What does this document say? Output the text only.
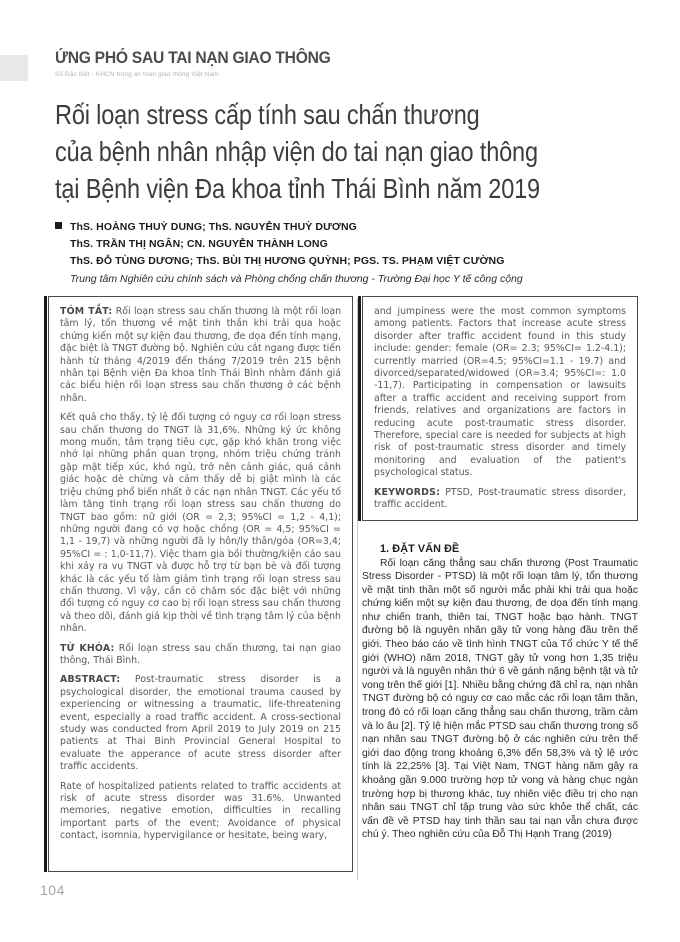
ỨNG PHÓ SAU TAI NẠN GIAO THÔNG
Số Đặc biệt - KHCN trong an toàn giao thông Việt Nam
Rối loạn stress cấp tính sau chấn thương
của bệnh nhân nhập viện do tai nạn giao thông
tại Bệnh viện Đa khoa tỉnh Thái Bình năm 2019
ThS. HOÀNG THUỲ DUNG; ThS. NGUYỄN THUỲ DƯƠNG
ThS. TRẦN THỊ NGÂN; CN. NGUYỄN THÀNH LONG
ThS. ĐỖ TÙNG DƯƠNG; ThS. BÙI THỊ HƯƠNG QUỲNH; PGS. TS. PHẠM VIỆT CƯỜNG
Trung tâm Nghiên cứu chính sách và Phòng chống chấn thương - Trường Đại học Y tế công cộng

TÓM TẮT: Rối loạn stress sau chấn thương là một rối loạn tâm lý, tổn thương về mặt tinh thần khi trải qua hoặc chứng kiến một sự kiện đau thương, đe dọa đến tính mạng, đặc biệt là TNGT đường bộ. Nghiên cứu cắt ngang được tiến hành từ tháng 4/2019 đến tháng 7/2019 trên 215 bệnh nhân tại Bệnh viện Đa khoa tỉnh Thái Bình nhằm đánh giá các biểu hiện rối loạn stress sau chấn thương ở các bệnh nhân.

Kết quả cho thấy, tỷ lệ đối tượng có nguy cơ rối loạn stress sau chấn thương do TNGT là 31,6%. Những ký ức không mong muốn, tâm trạng tiêu cực, gặp khó khăn trong việc nhớ lại những phần quan trọng, nhóm triệu chứng tránh gặp mặt tiếp xúc, khó ngủ, trở nên cảnh giác, quá cảnh giác hoặc dè chừng và cảm thấy dễ bị giật mình là các triệu chứng phổ biến nhất ở các nạn nhân TNGT. Các yếu tố làm tăng tình trạng rối loạn stress sau chấn thương do TNGT bao gồm: nữ giới (OR = 2,3; 95%CI = 1,2 - 4,1); những người đang có vợ hoặc chồng (OR = 4,5; 95%CI = 1,1 - 19,7) và những người đã ly hôn/ly thân/góa (OR=3,4; 95%CI = : 1,0-11,7). Việc tham gia bồi thường/kiện cáo sau khi xảy ra vụ TNGT và được hỗ trợ từ bạn bè và đối tượng khác là các yếu tố làm giảm tình trạng rối loạn stress sau chấn thương. Vì vậy, cần có chăm sóc đặc biệt với những đối tượng có nguy cơ cao bị rối loạn stress sau chấn thương và theo dõi, đánh giá kịp thời về tình trạng tâm lý của bệnh nhân.

TỪ KHÓA: Rối loạn stress sau chấn thương, tai nạn giao thông, Thái Bình.

ABSTRACT: Post-traumatic stress disorder is a psychological disorder, the emotional trauma caused by experiencing or witnessing a traumatic, life-threatening event, especially a road traffic accident. A cross-sectional study was conducted from April 2019 to July 2019 on 215 patients at Thai Binh Provincial General Hospital to evaluate the apperance of acute stress disorder after traffic accidents.

Rate of hospitalized patients related to traffic accidents at risk of acute stress disorder was 31.6%. Unwanted memories, negative emotion, difficulties in recalling important parts of the event; Avoidance of physical contact, isomnia, hypervigilance or hesitate, being wary,

and jumpiness were the most common symptoms among patients. Factors that increase acute stress disorder after traffic accident found in this study include: gender: female (OR= 2.3; 95%CI= 1.2-4.1); currently married (OR=4.5; 95%CI=1.1 - 19.7) and divorced/separated/widowed (OR=3.4; 95%CI=: 1.0 -11,7). Participating in compensation or lawsuits after a traffic accident and receiving support from friends, relatives and organizations are factors in reducing acute post-traumatic stress disorder. Therefore, special care is needed for subjects at high risk of post-traumatic stress disorder and timely monitoring and evaluation of the patient's psychological status.

KEYWORDS: PTSD, Post-traumatic stress disorder, traffic accident.

1. ĐẶT VẤN ĐỀ

Rối loạn căng thẳng sau chấn thương (Post Traumatic Stress Disorder - PTSD) là một rối loạn tâm lý, tổn thương về mặt tinh thần một số người mắc phải khi trải qua hoặc chứng kiến một sự kiện đau thương, đe dọa đến tính mạng như chiến tranh, thiên tai, TNGT hoặc bạo hành. TNGT đường bộ là nguyên nhân gây tử vong hàng đầu trên thế giới. Theo báo cáo về tình hình TNGT của Tổ chức Y tế thế giới (WHO) năm 2018, TNGT gây tử vong hơn 1,35 triệu người và là nguyên nhân thứ 6 về gánh nặng bệnh tật và tử vong trên thế giới [1]. Nhiều bằng chứng đã chỉ ra, nạn nhân TNGT đường bộ có nguy cơ cao mắc các rối loạn tâm thần, trong đó có rối loạn căng thẳng sau chấn thương, trầm cảm và lo âu [2]. Tỷ lệ hiện mắc PTSD sau chấn thương trong số nạn nhân sau TNGT đường bộ ở các nghiên cứu trên thế giới dao động trong khoảng 6,3% đến 58,3% và tỷ lệ ước tính là 22,25% [3]. Tại Việt Nam, TNGT hàng năm gây ra khoảng gần 9.000 trường hợp tử vong và hàng chục ngàn trường hợp bị thương khác, tuy nhiên việc điều trị cho nạn nhân sau TNGT chỉ tập trung vào sức khỏe thể chất, các vấn đề về PTSD hay tinh thần sau tai nạn vẫn chưa được chú ý. Theo nghiên cứu của Đỗ Thị Hạnh Trang (2019)

104
